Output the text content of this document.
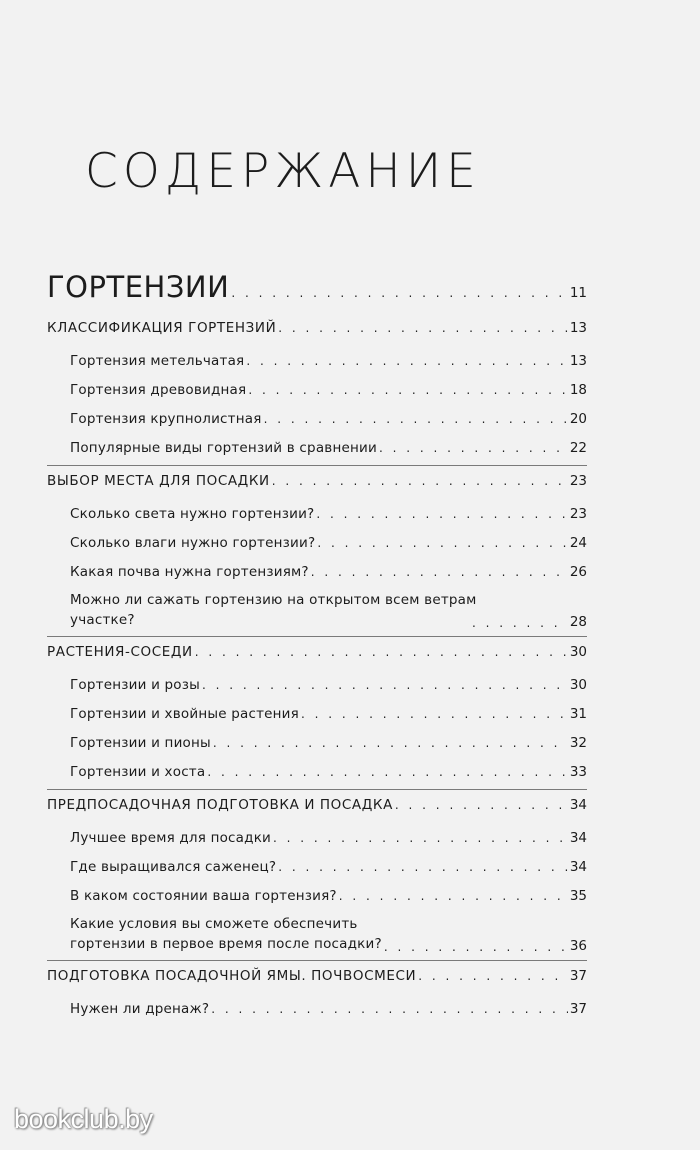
СОДЕРЖАНИЕ
ГОРТЕНЗИИ . . .	11
КЛАССИФИКАЦИЯ ГОРТЕНЗИЙ . . .	13
Гортензия метельчатая . . .	13
Гортензия древовидная . . .	18
Гортензия крупнолистная . . .	20
Популярные виды гортензий в сравнении . . .	22
ВЫБОР МЕСТА ДЛЯ ПОСАДКИ . . .	23
Сколько света нужно гортензии? . . .	23
Сколько влаги нужно гортензии? . . .	24
Какая почва нужна гортензиям? . . .	26
Можно ли сажать гортензию на открытом всем ветрам
участке? . . .	28
РАСТЕНИЯ-СОСЕДИ . . .	30
Гортензии и розы . . .	30
Гортензии и хвойные растения . . .	31
Гортензии и пионы . . .	32
Гортензии и хоста . . .	33
ПРЕДПОСАДОЧНАЯ ПОДГОТОВКА И ПОСАДКА . . .	34
Лучшее время для посадки . . .	34
Где выращивался саженец? . . .	34
В каком состоянии ваша гортензия? . . .	35
Какие условия вы сможете обеспечить
гортензии в первое время после посадки? . . .	36
ПОДГОТОВКА ПОСАДОЧНОЙ ЯМЫ. ПОЧВОСМЕСИ . . .	37
Нужен ли дренаж? . . .	37
bookclub.by
